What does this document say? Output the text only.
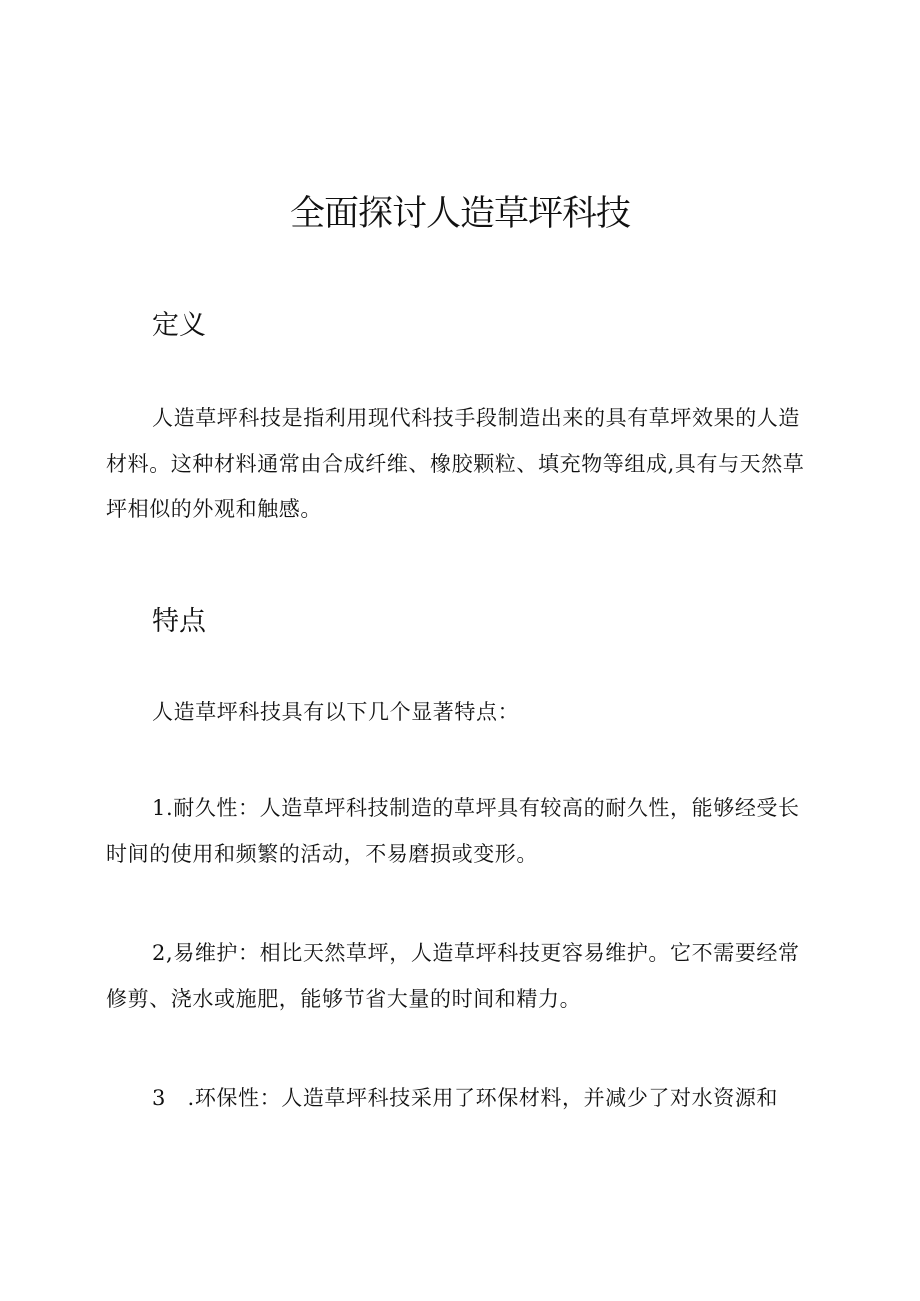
全面探讨人造草坪科技
定义

人造草坪科技是指利用现代科技手段制造出来的具有草坪效果的人造材料。这种材料通常由合成纤维、橡胶颗粒、填充物等组成,具有与天然草坪相似的外观和触感。

特点

人造草坪科技具有以下几个显著特点：

1.耐久性：人造草坪科技制造的草坪具有较高的耐久性，能够经受长时间的使用和频繁的活动，不易磨损或变形。

2,易维护：相比天然草坪，人造草坪科技更容易维护。它不需要经常修剪、浇水或施肥，能够节省大量的时间和精力。

3　.环保性：人造草坪科技采用了环保材料，并减少了对水资源和
